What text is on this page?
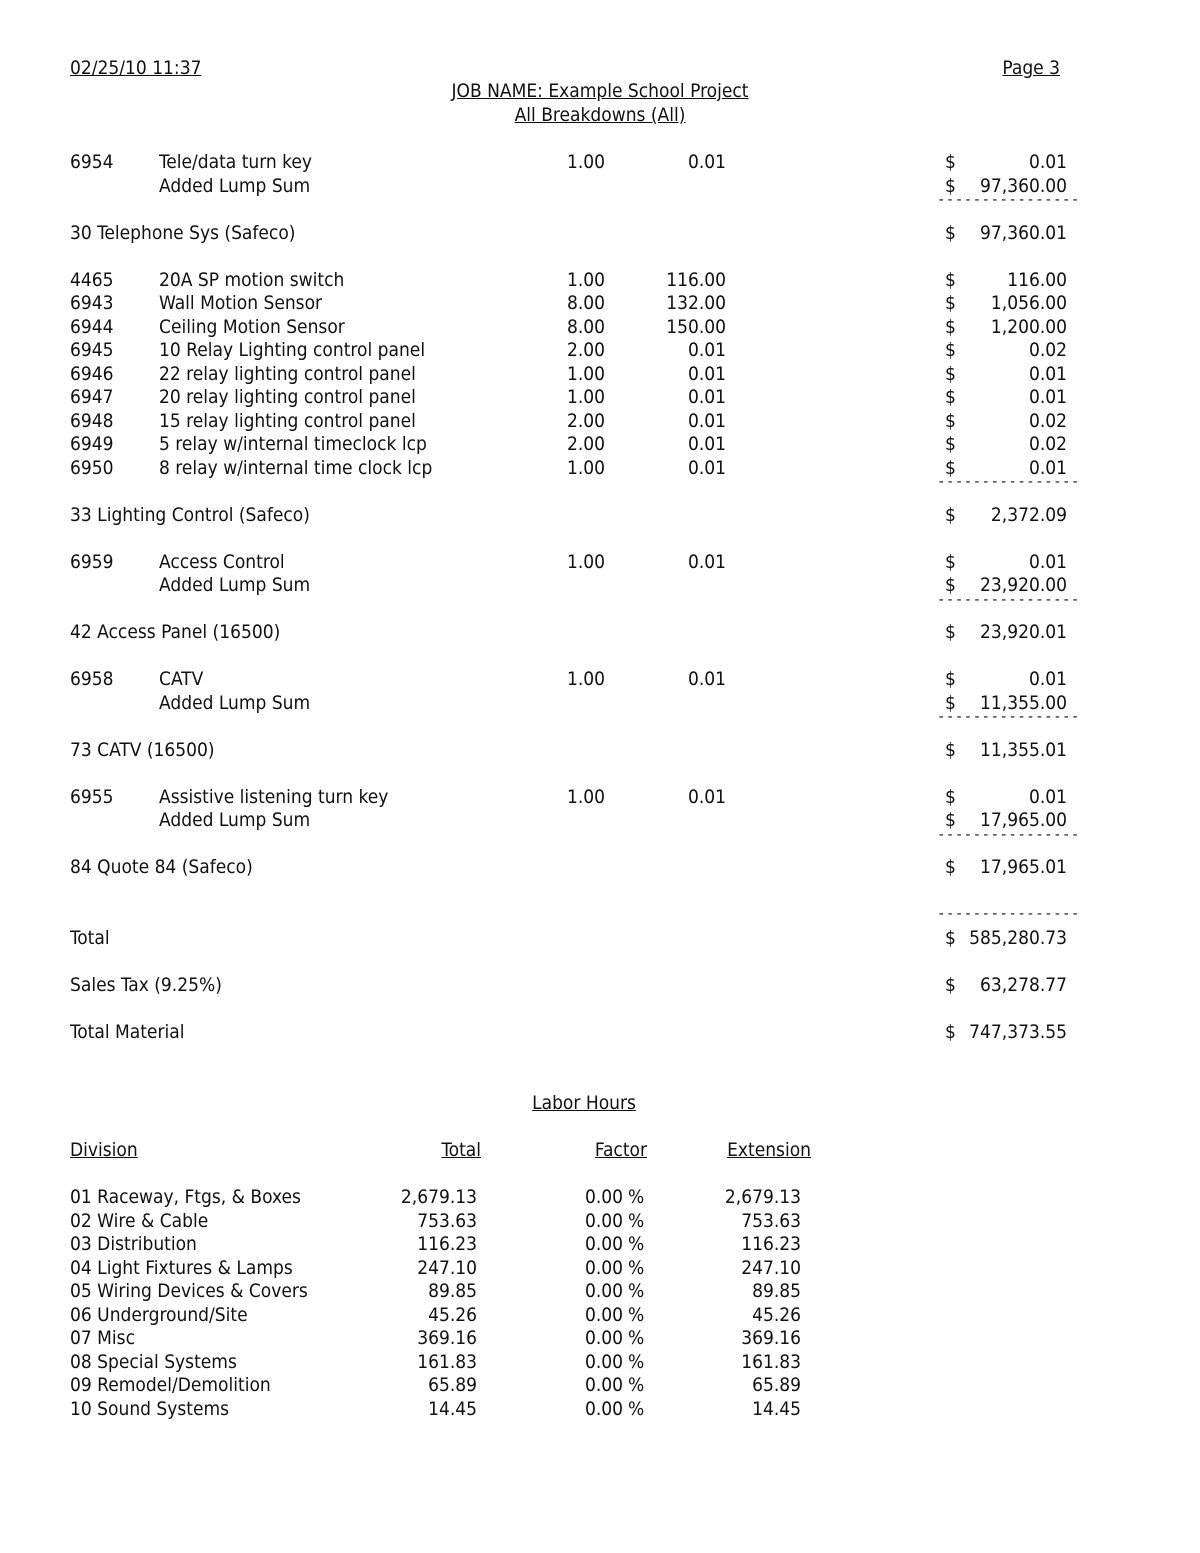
02/25/10 11:37	Page 3
JOB NAME: Example School Project
All Breakdowns (All)
6954 Tele/data turn key	1.00	0.01	$	0.01
Added Lump Sum	$	97,360.00
----------------
30 Telephone Sys (Safeco)	$	97,360.01
4465 20A SP motion switch	1.00	116.00	$	116.00
6943 Wall Motion Sensor	8.00	132.00	$	1,056.00
6944 Ceiling Motion Sensor	8.00	150.00	$	1,200.00
6945 10 Relay Lighting control panel	2.00	0.01	$	0.02
6946 22 relay lighting control panel	1.00	0.01	$	0.01
6947 20 relay lighting control panel	1.00	0.01	$	0.01
6948 15 relay lighting control panel	2.00	0.01	$	0.02
6949 5 relay w/internal timeclock lcp	2.00	0.01	$	0.02
6950 8 relay w/internal time clock lcp	1.00	0.01	$	0.01
----------------
33 Lighting Control (Safeco)	$	2,372.09
6959 Access Control	1.00	0.01	$	0.01
Added Lump Sum	$	23,920.00
----------------
42 Access Panel (16500)	$	23,920.01
6958 CATV	1.00	0.01	$	0.01
Added Lump Sum	$	11,355.00
----------------
73 CATV (16500)	$	11,355.01
6955 Assistive listening turn key	1.00	0.01	$	0.01
Added Lump Sum	$	17,965.00
----------------
84 Quote 84 (Safeco)	$	17,965.01
----------------
Total	$ 585,280.73
Sales Tax (9.25%)	$	63,278.77
Total Material	$ 747,373.55
Labor Hours
Division	Total	Factor	Extension
01 Raceway, Ftgs, & Boxes	2,679.13	0.00 %	2,679.13
02 Wire & Cable	753.63	0.00 %	753.63
03 Distribution	116.23	0.00 %	116.23
04 Light Fixtures & Lamps	247.10	0.00 %	247.10
05 Wiring Devices & Covers	89.85	0.00 %	89.85
06 Underground/Site	45.26	0.00 %	45.26
07 Misc	369.16	0.00 %	369.16
08 Special Systems	161.83	0.00 %	161.83
09 Remodel/Demolition	65.89	0.00 %	65.89
10 Sound Systems	14.45	0.00 %	14.45
